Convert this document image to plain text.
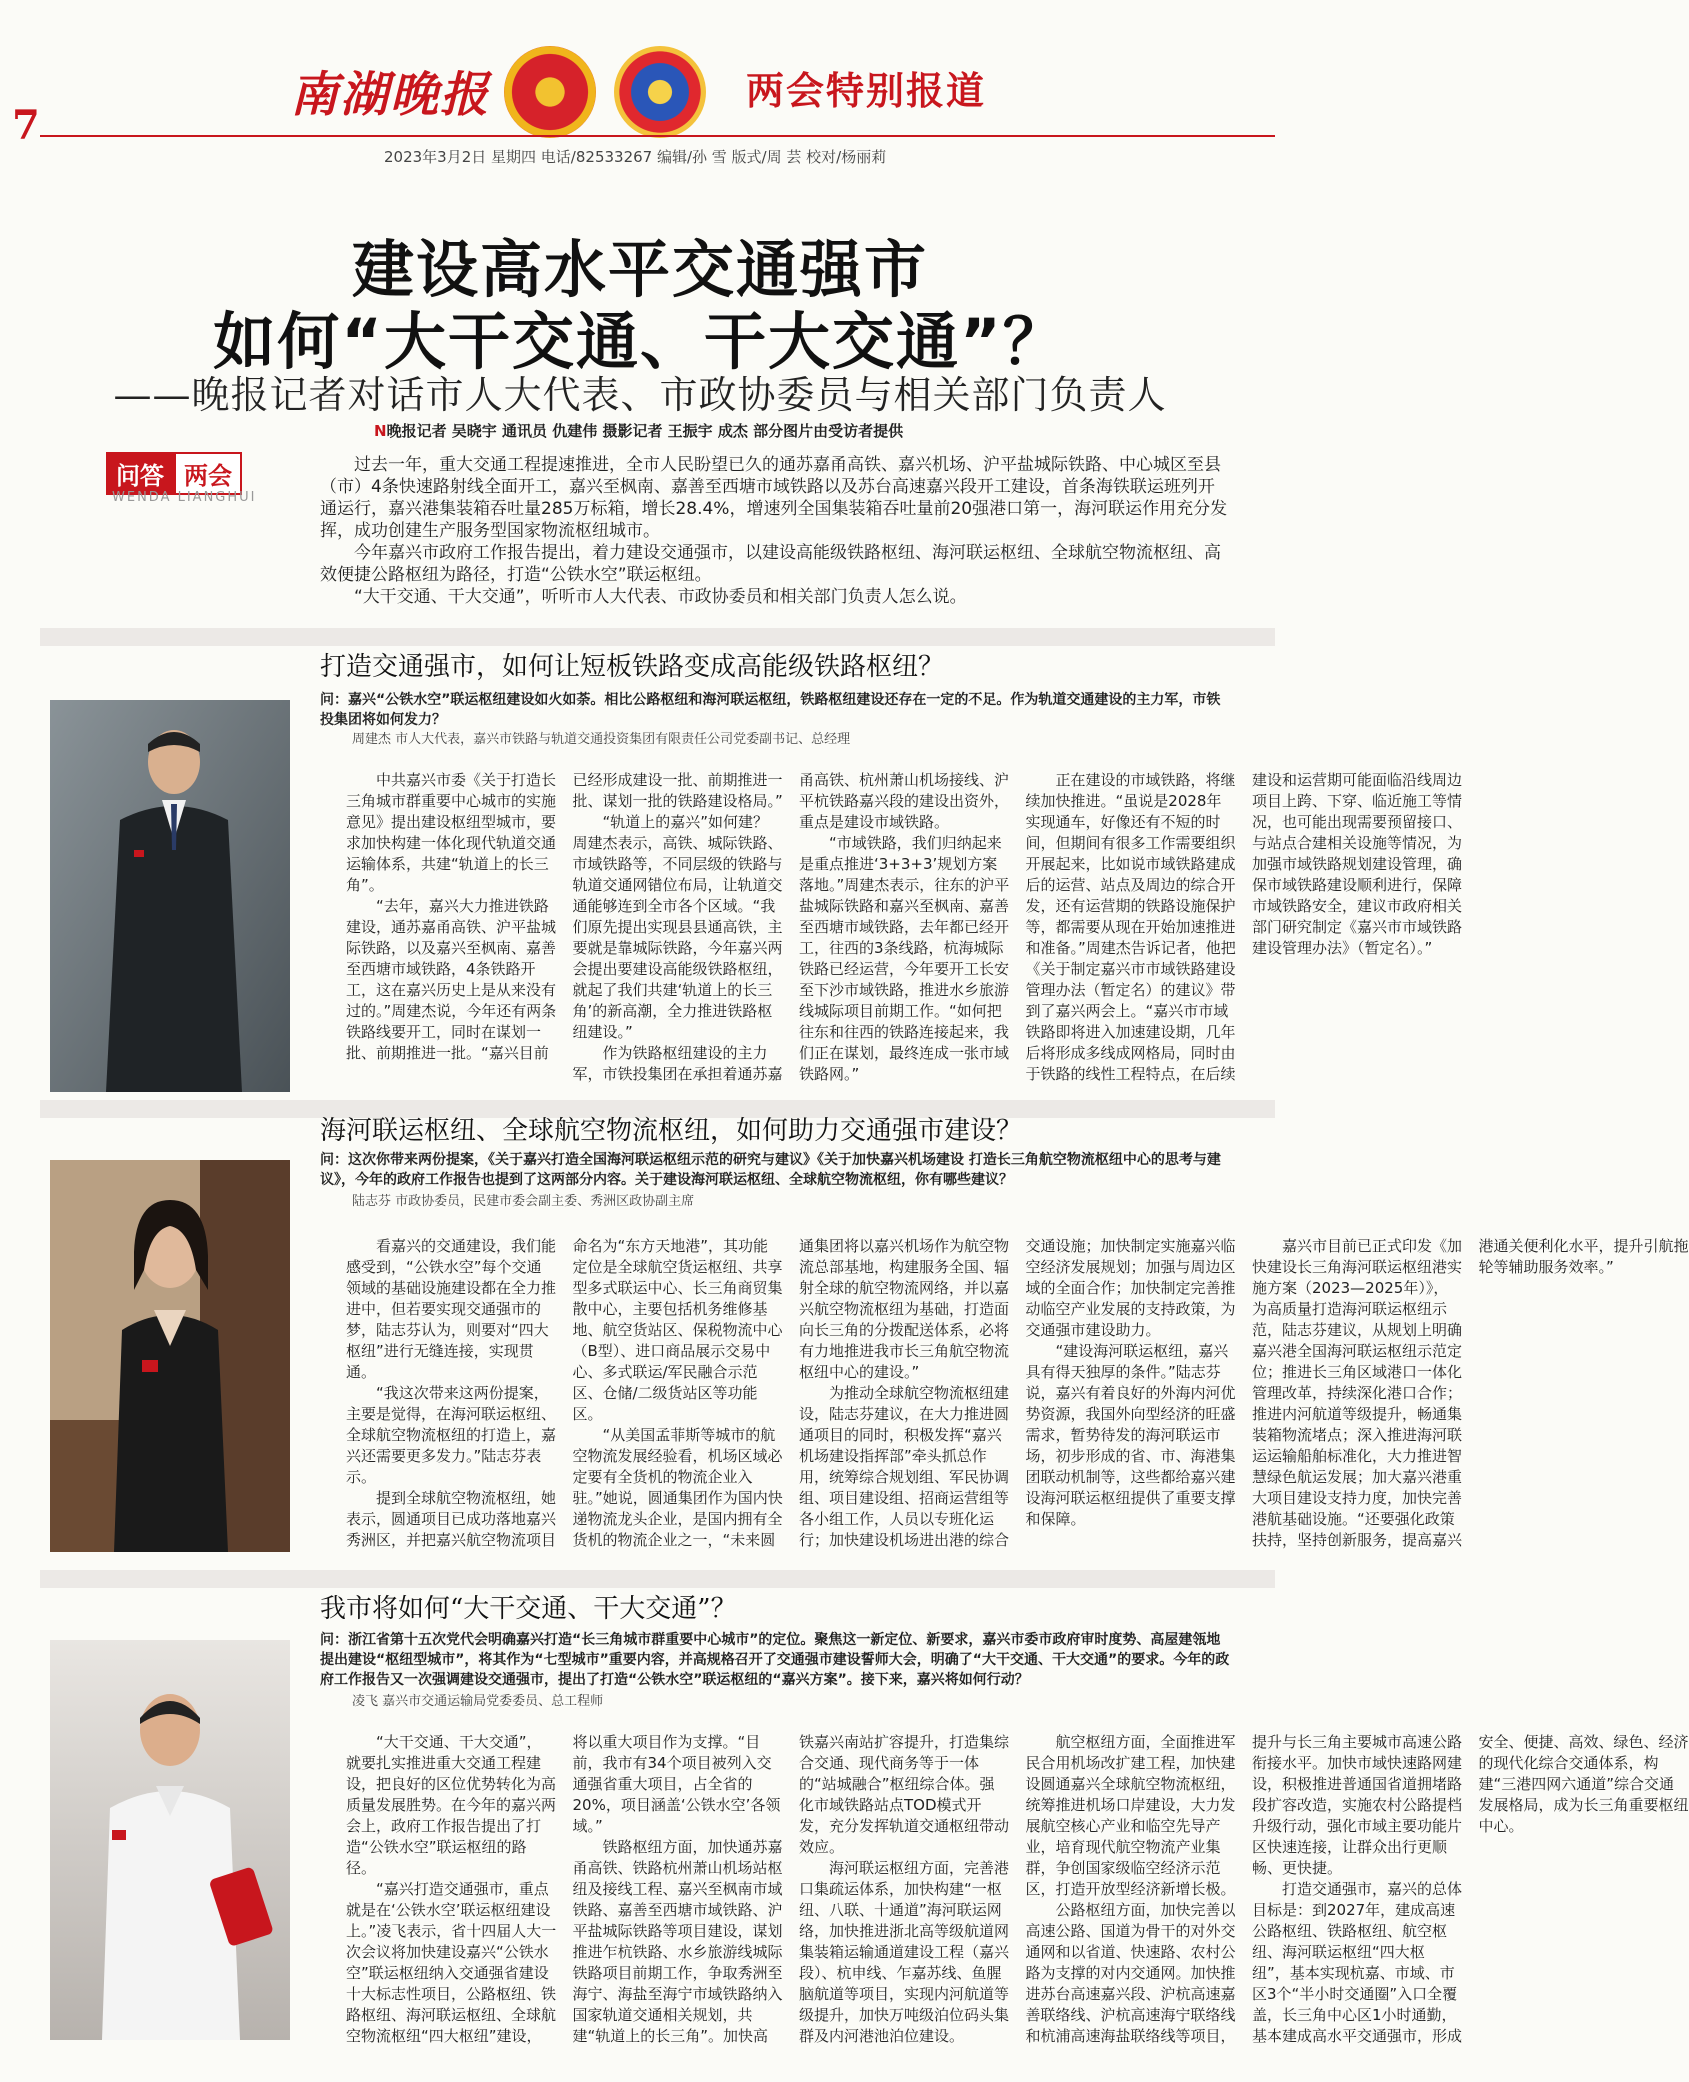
7
南湖晚报	两会特别报道
2023年3月2日 星期四 电话/82533267 编辑/孙 雪 版式/周 芸 校对/杨丽莉
建设高水平交通强市
如何“大干交通、干大交通”？
——晚报记者对话市人大代表、市政协委员与相关部门负责人
N晚报记者 吴晓宇 通讯员 仇建伟 摄影记者 王振宇 成杰 部分图片由受访者提供
问答 两会
WENDA LIANGHUI

过去一年，重大交通工程提速推进，全市人民盼望已久的通苏嘉甬高铁、嘉兴机场、沪平盐城际铁路、中心城区至县（市）4条快速路射线全面开工，嘉兴至枫南、嘉善至西塘市域铁路以及苏台高速嘉兴段开工建设，首条海铁联运班列开通运行，嘉兴港集装箱吞吐量285万标箱，增长28.4%，增速列全国集装箱吞吐量前20强港口第一，海河联运作用充分发挥，成功创建生产服务型国家物流枢纽城市。

今年嘉兴市政府工作报告提出，着力建设交通强市，以建设高能级铁路枢纽、海河联运枢纽、全球航空物流枢纽、高效便捷公路枢纽为路径，打造“公铁水空”联运枢纽。

“大干交通、干大交通”，听听市人大代表、市政协委员和相关部门负责人怎么说。

打造交通强市，如何让短板铁路变成高能级铁路枢纽？
问：嘉兴“公铁水空”联运枢纽建设如火如荼。相比公路枢纽和海河联运枢纽，铁路枢纽建设还存在一定的不足。作为轨道交通建设的主力军，市铁投集团将如何发力？
周建杰 市人大代表，嘉兴市铁路与轨道交通投资集团有限责任公司党委副书记、总经理

中共嘉兴市委《关于打造长三角城市群重要中心城市的实施意见》提出建设枢纽型城市，要求加快构建一体化现代轨道交通运输体系，共建“轨道上的长三角”。

“去年，嘉兴大力推进铁路建设，通苏嘉甬高铁、沪平盐城际铁路，以及嘉兴至枫南、嘉善至西塘市域铁路，4条铁路开工，这在嘉兴历史上是从来没有过的。”周建杰说，今年还有两条铁路线要开工，同时在谋划一批、前期推进一批。“嘉兴目前已经形成建设一批、前期推进一批、谋划一批的铁路建设格局。”

“轨道上的嘉兴”如何建？周建杰表示，高铁、城际铁路、市域铁路等，不同层级的铁路与轨道交通网错位布局，让轨道交通能够连到全市各个区域。“我们原先提出实现县县通高铁，主要就是靠城际铁路，今年嘉兴两会提出要建设高能级铁路枢纽，就起了我们共建‘轨道上的长三角’的新高潮，全力推进铁路枢纽建设。”

作为铁路枢纽建设的主力军，市铁投集团在承担着通苏嘉甬高铁、杭州萧山机场接线、沪平杭铁路嘉兴段的建设出资外，重点是建设市域铁路。

“市域铁路，我们归纳起来是重点推进‘3+3+3’规划方案落地。”周建杰表示，往东的沪平盐城际铁路和嘉兴至枫南、嘉善至西塘市域铁路，去年都已经开工，往西的3条线路，杭海城际铁路已经运营，今年要开工长安至下沙市域铁路，推进水乡旅游线城际项目前期工作。“如何把往东和往西的铁路连接起来，我们正在谋划，最终连成一张市域铁路网。”

正在建设的市域铁路，将继续加快推进。“虽说是2028年实现通车，好像还有不短的时间，但期间有很多工作需要组织开展起来，比如说市域铁路建成后的运营、站点及周边的综合开发，还有运营期的铁路设施保护等，都需要从现在开始加速推进和准备。”周建杰告诉记者，他把《关于制定嘉兴市市域铁路建设管理办法（暂定名）的建议》带到了嘉兴两会上。“嘉兴市市域铁路即将进入加速建设期，几年后将形成多线成网格局，同时由于铁路的线性工程特点，在后续建设和运营期可能面临沿线周边项目上跨、下穿、临近施工等情况，也可能出现需要预留接口、与站点合建相关设施等情况，为加强市域铁路规划建设管理，确保市域铁路建设顺利进行，保障市域铁路安全，建议市政府相关部门研究制定《嘉兴市市域铁路建设管理办法》（暂定名）。”

海河联运枢纽、全球航空物流枢纽，如何助力交通强市建设？
问：这次你带来两份提案，《关于嘉兴打造全国海河联运枢纽示范的研究与建议》《关于加快嘉兴机场建设 打造长三角航空物流枢纽中心的思考与建议》，今年的政府工作报告也提到了这两部分内容。关于建设海河联运枢纽、全球航空物流枢纽，你有哪些建议？
陆志芬 市政协委员，民建市委会副主委、秀洲区政协副主席

看嘉兴的交通建设，我们能感受到，“公铁水空”每个交通领域的基础设施建设都在全力推进中，但若要实现交通强市的梦，陆志芬认为，则要对“四大枢纽”进行无缝连接，实现贯通。

“我这次带来这两份提案，主要是觉得，在海河联运枢纽、全球航空物流枢纽的打造上，嘉兴还需要更多发力。”陆志芬表示。

提到全球航空物流枢纽，她表示，圆通项目已成功落地嘉兴秀洲区，并把嘉兴航空物流项目命名为“东方天地港”，其功能定位是全球航空货运枢纽、共享型多式联运中心、长三角商贸集散中心，主要包括机务维修基地、航空货站区、保税物流中心（B型）、进口商品展示交易中心、多式联运/军民融合示范区、仓储/二级货站区等功能区。

“从美国孟菲斯等城市的航空物流发展经验看，机场区域必定要有全货机的物流企业入驻。”她说，圆通集团作为国内快递物流龙头企业，是国内拥有全货机的物流企业之一，“未来圆通集团将以嘉兴机场作为航空物流总部基地，构建服务全国、辐射全球的航空物流网络，并以嘉兴航空物流枢纽为基础，打造面向长三角的分拨配送体系，必将有力地推进我市长三角航空物流枢纽中心的建设。”

为推动全球航空物流枢纽建设，陆志芬建议，在大力推进圆通项目的同时，积极发挥“嘉兴机场建设指挥部”牵头抓总作用，统筹综合规划组、军民协调组、项目建设组、招商运营组等各小组工作，人员以专班化运行；加快建设机场进出港的综合交通设施；加快制定实施嘉兴临空经济发展规划；加强与周边区域的全面合作；加快制定完善推动临空产业发展的支持政策，为交通强市建设助力。

“建设海河联运枢纽，嘉兴具有得天独厚的条件。”陆志芬说，嘉兴有着良好的外海内河优势资源，我国外向型经济的旺盛需求，暂势待发的海河联运市场，初步形成的省、市、海港集团联动机制等，这些都给嘉兴建设海河联运枢纽提供了重要支撑和保障。

嘉兴市目前已正式印发《加快建设长三角海河联运枢纽港实施方案（2023—2025年）》，为高质量打造海河联运枢纽示范，陆志芬建议，从规划上明确嘉兴港全国海河联运枢纽示范定位；推进长三角区域港口一体化管理改革，持续深化港口合作；推进内河航道等级提升，畅通集装箱物流堵点；深入推进海河联运运输船舶标准化，大力推进智慧绿色航运发展；加大嘉兴港重大项目建设支持力度，加快完善港航基础设施。“还要强化政策扶持，坚持创新服务，提高嘉兴港通关便利化水平，提升引航拖轮等辅助服务效率。”

我市将如何“大干交通、干大交通”？
问：浙江省第十五次党代会明确嘉兴打造“长三角城市群重要中心城市”的定位。聚焦这一新定位、新要求，嘉兴市委市政府审时度势、高屋建瓴地提出建设“枢纽型城市”，将其作为“七型城市”重要内容，并高规格召开了交通强市建设誓师大会，明确了“大干交通、干大交通”的要求。今年的政府工作报告又一次强调建设交通强市，提出了打造“公铁水空”联运枢纽的“嘉兴方案”。接下来，嘉兴将如何行动？
凌飞 嘉兴市交通运输局党委委员、总工程师

“大干交通、干大交通”，就要扎实推进重大交通工程建设，把良好的区位优势转化为高质量发展胜势。在今年的嘉兴两会上，政府工作报告提出了打造“公铁水空”联运枢纽的路径。

“嘉兴打造交通强市，重点就是在‘公铁水空’联运枢纽建设上。”凌飞表示，省十四届人大一次会议将加快建设嘉兴“公铁水空”联运枢纽纳入交通强省建设十大标志性项目，公路枢纽、铁路枢纽、海河联运枢纽、全球航空物流枢纽“四大枢纽”建设，将以重大项目作为支撑。“目前，我市有34个项目被列入交通强省重大项目，占全省的20%，项目涵盖‘公铁水空’各领域。”

铁路枢纽方面，加快通苏嘉甬高铁、铁路杭州萧山机场站枢纽及接线工程、嘉兴至枫南市域铁路、嘉善至西塘市域铁路、沪平盐城际铁路等项目建设，谋划推进乍杭铁路、水乡旅游线城际铁路项目前期工作，争取秀洲至海宁、海盐至海宁市域铁路纳入国家轨道交通相关规划，共建“轨道上的长三角”。加快高铁嘉兴南站扩容提升，打造集综合交通、现代商务等于一体的“站城融合”枢纽综合体。强化市域铁路站点TOD模式开发，充分发挥轨道交通枢纽带动效应。

海河联运枢纽方面，完善港口集疏运体系，加快构建“一枢纽、八联、十通道”海河联运网络，加快推进浙北高等级航道网集装箱运输通道建设工程（嘉兴段）、杭申线、乍嘉苏线、鱼腥脑航道等项目，实现内河航道等级提升，加快万吨级泊位码头集群及内河港池泊位建设。

航空枢纽方面，全面推进军民合用机场改扩建工程，加快建设圆通嘉兴全球航空物流枢纽，统筹推进机场口岸建设，大力发展航空核心产业和临空先导产业，培育现代航空物流产业集群，争创国家级临空经济示范区，打造开放型经济新增长极。

公路枢纽方面，加快完善以高速公路、国道为骨干的对外交通网和以省道、快速路、农村公路为支撑的对内交通网。加快推进苏台高速嘉兴段、沪杭高速嘉善联络线、沪杭高速海宁联络线和杭浦高速海盐联络线等项目，提升与长三角主要城市高速公路衔接水平。加快市域快速路网建设，积极推进普通国省道拥堵路段扩容改造，实施农村公路提档升级行动，强化市域主要功能片区快速连接，让群众出行更顺畅、更快捷。

打造交通强市，嘉兴的总体目标是：到2027年，建成高速公路枢纽、铁路枢纽、航空枢纽、海河联运枢纽“四大枢纽”，基本实现杭嘉、市域、市区3个“半小时交通圈”入口全覆盖，长三角中心区1小时通勤，基本建成高水平交通强市，形成安全、便捷、高效、绿色、经济的现代化综合交通体系，构建“三港四网六通道”综合交通发展格局，成为长三角重要枢纽中心。
